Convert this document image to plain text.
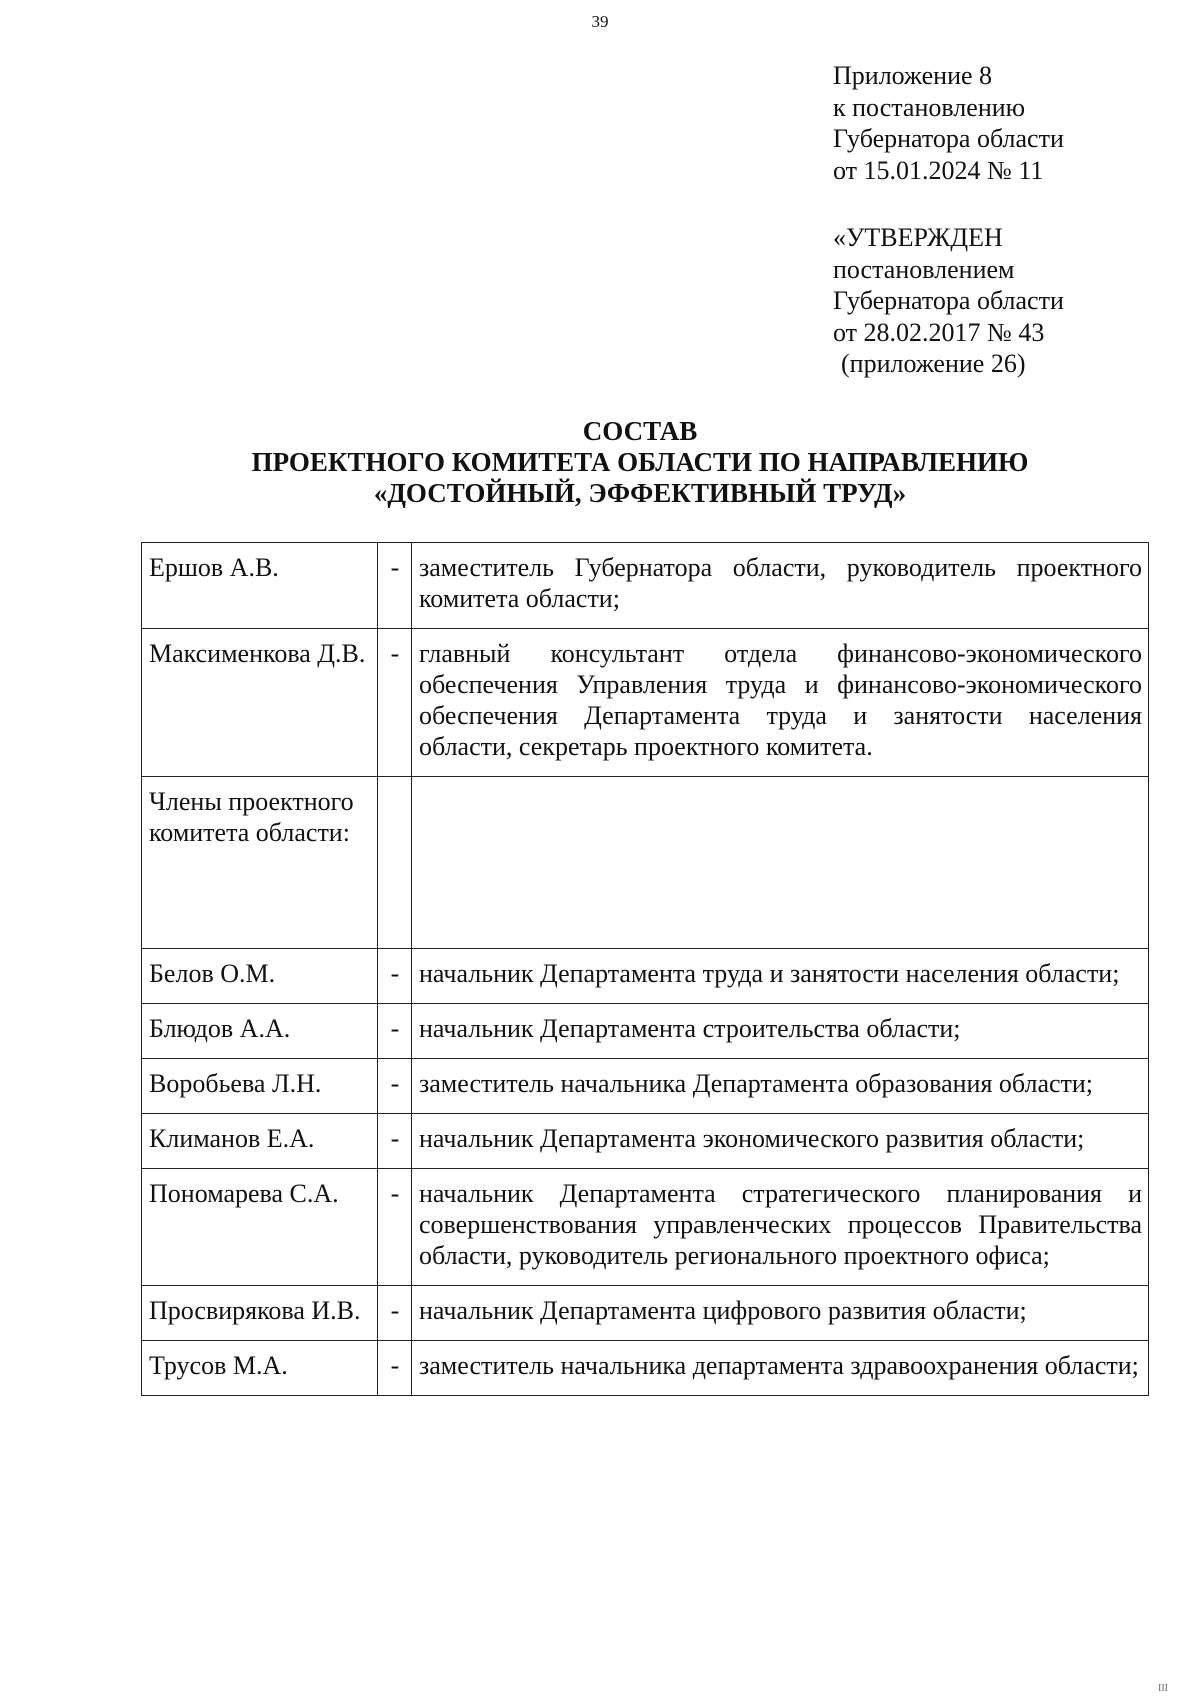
39
Приложение 8
к постановлению
Губернатора области
от 15.01.2024 № 11
«УТВЕРЖДЕН
постановлением
Губернатора области
от 28.02.2017 № 43
(приложение 26)
СОСТАВ
ПРОЕКТНОГО КОМИТЕТА ОБЛАСТИ ПО НАПРАВЛЕНИЮ
«ДОСТОЙНЫЙ, ЭФФЕКТИВНЫЙ ТРУД»
Ершов А.В.	-	заместитель Губернатора области, руководитель проектного комитета области;
Максименкова Д.В.	-	главный консультант отдела финансово-экономического обеспечения Управления труда и финансово-экономического обеспечения Департамента труда и занятости населения области, секретарь проектного комитета.
Члены проектного комитета области:		
Белов О.М.	-	начальник Департамента труда и занятости населения области;
Блюдов А.А.	-	начальник Департамента строительства области;
Воробьева Л.Н.	-	заместитель начальника Департамента образования области;
Климанов Е.А.	-	начальник Департамента экономического развития области;
Пономарева С.А.	-	начальник Департамента стратегического планирования и совершенствования управленческих процессов Правительства области, руководитель регионального проектного офиса;
Просвирякова И.В.	-	начальник Департамента цифрового развития области;
Трусов М.А.	-	заместитель начальника департамента здравоохранения области;
III
